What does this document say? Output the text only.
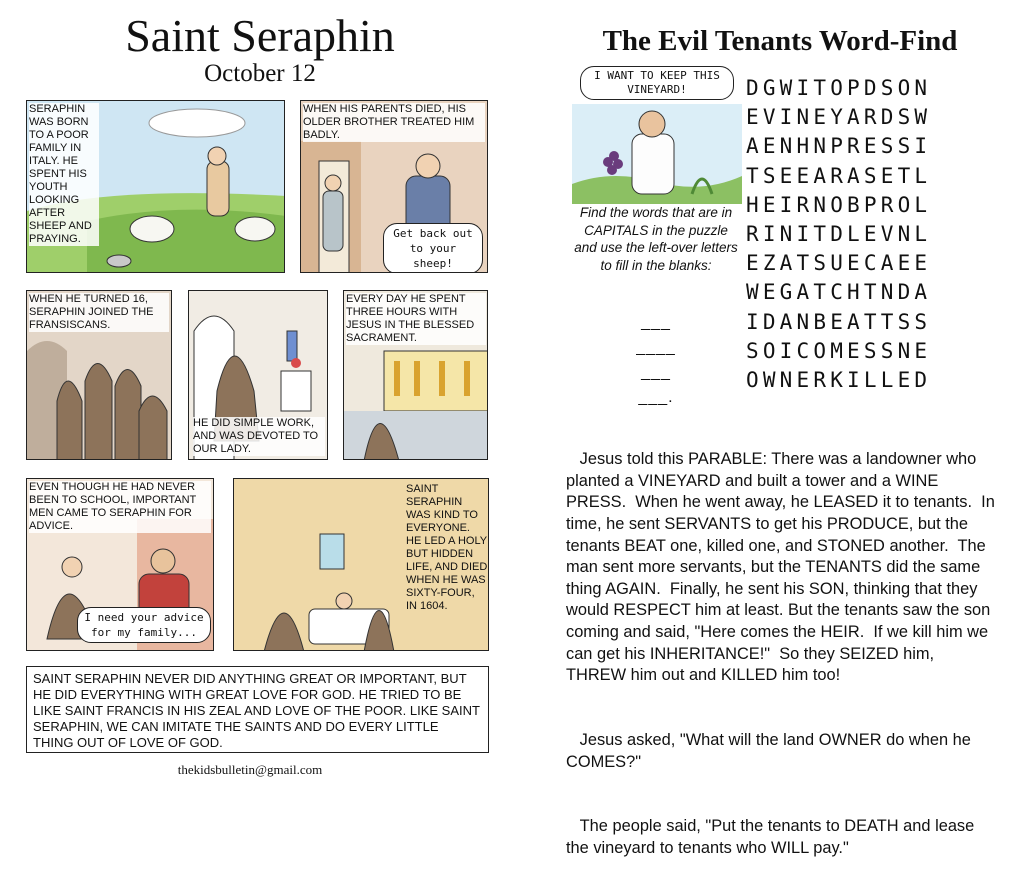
Saint Seraphin
October 12
SERAPHIN WAS BORN TO A POOR FAMILY IN ITALY. HE SPENT HIS YOUTH LOOKING AFTER SHEEP AND PRAYING.
WHEN HIS PARENTS DIED, HIS OLDER BROTHER TREATED HIM BADLY.
Get back out to your sheep!
WHEN HE TURNED 16, SERAPHIN JOINED THE FRANSISCANS.
HE DID SIMPLE WORK, AND WAS DEVOTED TO OUR LADY.
EVERY DAY HE SPENT THREE HOURS WITH JESUS IN THE BLESSED SACRAMENT.
EVEN THOUGH HE HAD NEVER BEEN TO SCHOOL, IMPORTANT MEN CAME TO SERAPHIN FOR ADVICE.
I need your advice for my family...
SAINT SERAPHIN WAS KIND TO EVERYONE. HE LED A HOLY BUT HIDDEN LIFE, AND DIED WHEN HE WAS SIXTY-FOUR, IN 1604.
SAINT SERAPHIN NEVER DID ANYTHING GREAT OR IMPORTANT, BUT HE DID EVERYTHING WITH GREAT LOVE FOR GOD. HE TRIED TO BE LIKE SAINT FRANCIS IN HIS ZEAL AND LOVE OF THE POOR. LIKE SAINT SERAPHIN, WE CAN IMITATE THE SAINTS AND DO EVERY LITTLE THING OUT OF LOVE OF GOD.
thekidsbulletin@gmail.com
The Evil Tenants Word-Find
I WANT TO KEEP THIS VINEYARD!
Find the words that are in CAPITALS in the puzzle and use the left-over letters to fill in the blanks:
___
____
___
___.
DGWITOPDSON
EVINEYARDSW
AENHNPRESSI
TSEEARASETL
HEIRNOBPROL
RINITDLEVNL
EZATSUECAEE
WEGATCHTNDA
IDANBEATTSS
SOICOMESSNE
OWNERKILLED

Jesus told this PARABLE: There was a landowner who planted a VINEYARD and built a tower and a WINE PRESS.  When he went away, he LEASED it to tenants.  In time, he sent SERVANTS to get his PRODUCE, but the tenants BEAT one, killed one, and STONED another.  The man sent more servants, but the TENANTS did the same thing AGAIN.  Finally, he sent his SON, thinking that they would RESPECT him at least. But the tenants saw the son coming and said, "Here comes the HEIR.  If we kill him we can get his INHERITANCE!"  So they SEIZED him, THREW him out and KILLED him too!

Jesus asked, "What will the land OWNER do when he COMES?"

The people said, "Put the tenants to DEATH and lease the vineyard to tenants who WILL pay."
